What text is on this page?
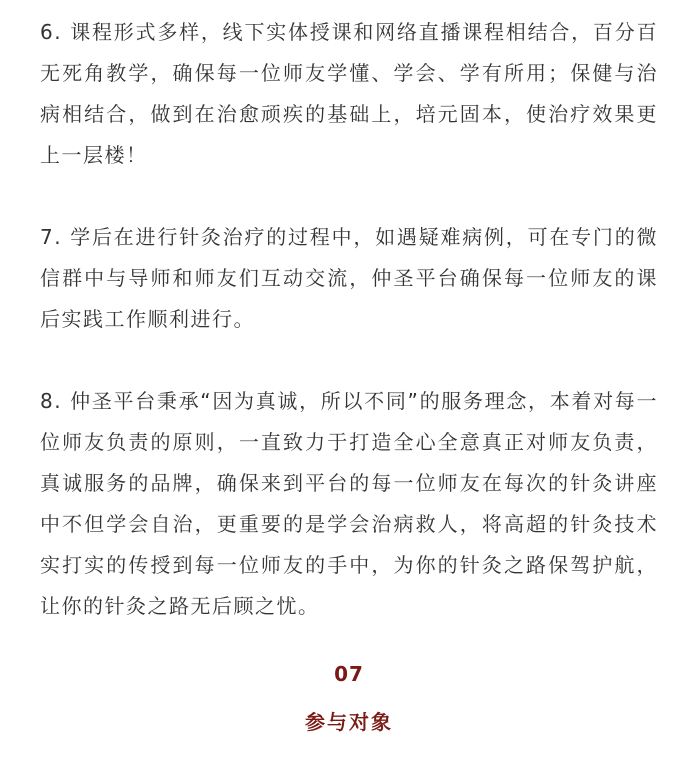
6. 课程形式多样，线下实体授课和网络直播课程相结合，百分百无死角教学，确保每一位师友学懂、学会、学有所用；保健与治病相结合，做到在治愈顽疾的基础上，培元固本，使治疗效果更上一层楼！

7. 学后在进行针灸治疗的过程中，如遇疑难病例，可在专门的微信群中与导师和师友们互动交流，仲圣平台确保每一位师友的课后实践工作顺利进行。

8. 仲圣平台秉承“因为真诚，所以不同”的服务理念，本着对每一位师友负责的原则，一直致力于打造全心全意真正对师友负责，真诚服务的品牌，确保来到平台的每一位师友在每次的针灸讲座中不但学会自治，更重要的是学会治病救人，将高超的针灸技术实打实的传授到每一位师友的手中，为你的针灸之路保驾护航，让你的针灸之路无后顾之忧。

07
参与对象
